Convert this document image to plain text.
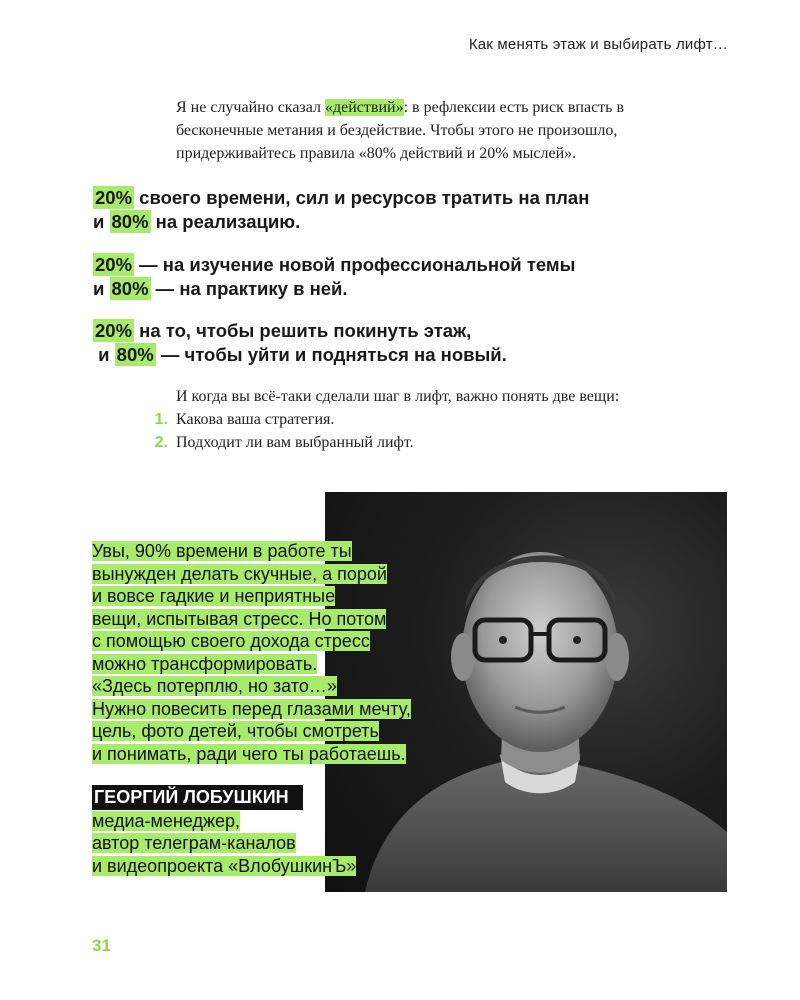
Как менять этаж и выбирать лифт…

Я не случайно сказал «действий»: в рефлексии есть риск впасть в бесконечные метания и бездействие. Чтобы этого не произошло, придерживайтесь правила «80% действий и 20% мыслей».

20% своего времени, сил и ресурсов тратить на план
и 80% на реализацию.
20% — на изучение новой профессиональной темы
и 80% — на практику в ней.
20% на то, чтобы решить покинуть этаж,
и 80% — чтобы уйти и подняться на новый.

И когда вы всё-таки сделали шаг в лифт, важно понять две вещи:

1. Какова ваша стратегия.
2. Подходит ли вам выбранный лифт.
Увы, 90% времени в работе ты
вынужден делать скучные, а порой
и вовсе гадкие и неприятные
вещи, испытывая стресс. Но потом
с помощью своего дохода стресс
можно трансформировать.
«Здесь потерплю, но зато…»
Нужно повесить перед глазами мечту,
цель, фото детей, чтобы смотреть
и понимать, ради чего ты работаешь.
ГЕОРГИЙ ЛОБУШКИН
медиа-менеджер,
автор телеграм-каналов
и видеопроекта «ВлобушкинЪ»
31
